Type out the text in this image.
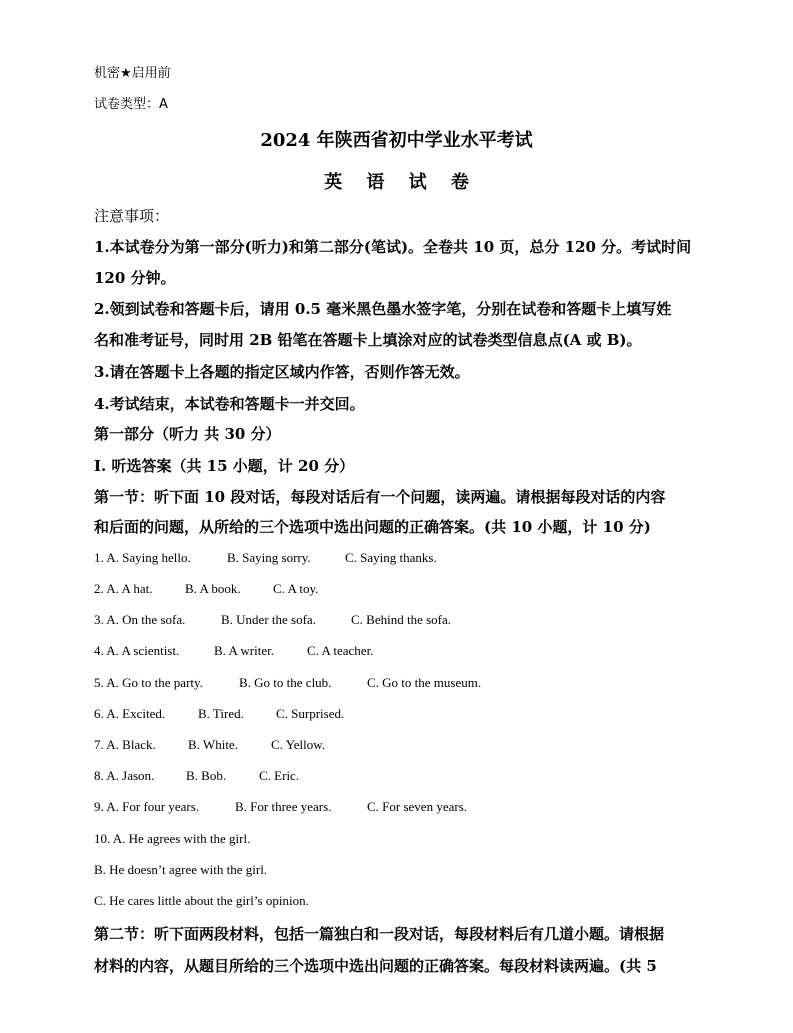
机密★启用前
试卷类型：A
2024 年陕西省初中学业水平考试
英 语 试 卷
注意事项：
1.本试卷分为第一部分(听力)和第二部分(笔试)。全卷共 10 页，总分 120 分。考试时间
120 分钟。
2.领到试卷和答题卡后，请用 0.5 毫米黑色墨水签字笔，分别在试卷和答题卡上填写姓
名和准考证号，同时用 2B 铅笔在答题卡上填涂对应的试卷类型信息点(A 或 B)。
3.请在答题卡上各题的指定区域内作答，否则作答无效。
4.考试结束，本试卷和答题卡一并交回。
第一部分（听力 共 30 分）
I. 听选答案（共 15 小题，计 20 分）
第一节：听下面 10 段对话，每段对话后有一个问题，读两遍。请根据每段对话的内容
和后面的问题，从所给的三个选项中选出问题的正确答案。(共 10 小题，计 10 分)
1. A. Saying hello.	B. Saying sorry.	C. Saying thanks.
2. A. A hat. B. A book. C. A toy.
3. A. On the sofa.	B. Under the sofa.	C. Behind the sofa.
4. A. A scientist.	B. A writer.	C. A teacher.
5. A. Go to the party.	B. Go to the club.	C. Go to the museum.
6. A. Excited.	B. Tired. C. Surprised.
7. A. Black. B. White.	C. Yellow.
8. A. Jason. B. Bob.	C. Eric.
9. A. For four years.	B. For three years.	C. For seven years.
10. A. He agrees with the girl.
B. He doesn’t agree with the girl.
C. He cares little about the girl’s opinion.
第二节：听下面两段材料，包括一篇独白和一段对话，每段材料后有几道小题。请根据
材料的内容，从题目所给的三个选项中选出问题的正确答案。每段材料读两遍。(共 5
